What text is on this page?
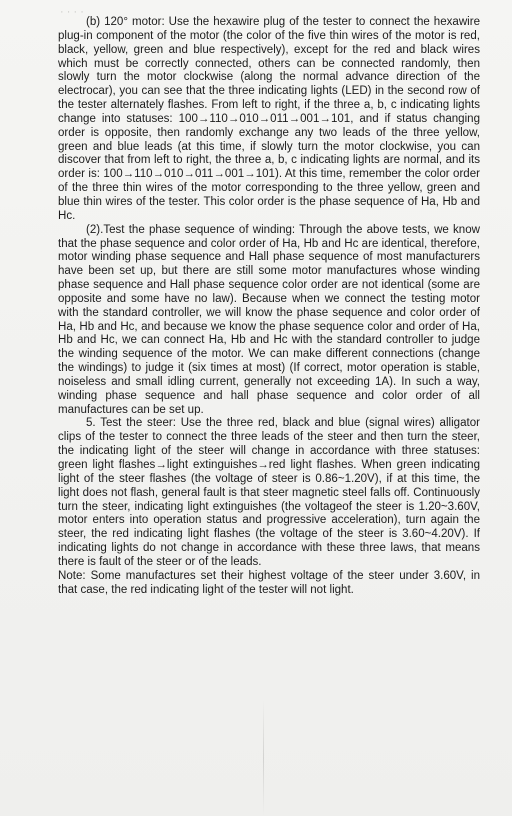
· · · ·

(b) 120° motor: Use the hexawire plug of the tester to connect the hexawire plug-in component of the motor (the color of the five thin wires of the motor is red, black, yellow, green and blue respectively), except for the red and black wires which must be correctly connected, others can be connected randomly, then slowly turn the motor clockwise (along the normal advance direction of the electrocar), you can see that the three indicating lights (LED) in the second row of the tester alternately flashes. From left to right, if the three a, b, c indicating lights change into statuses: 100→110→010→011→001→101, and if status changing order is opposite, then randomly exchange any two leads of the three yellow, green and blue leads (at this time, if slowly turn the motor clockwise, you can discover that from left to right, the three a, b, c indicating lights are normal, and its order is: 100→110→010→011→001→101). At this time, remember the color order of the three thin wires of the motor corresponding to the three yellow, green and blue thin wires of the tester. This color order is the phase sequence of Ha, Hb and Hc.

(2).Test the phase sequence of winding: Through the above tests, we know that the phase sequence and color order of Ha, Hb and Hc are identical, therefore, motor winding phase sequence and Hall phase sequence of most manufacturers have been set up, but there are still some motor manufactures whose winding phase sequence and Hall phase sequence color order are not identical (some are opposite and some have no law). Because when we connect the testing motor with the standard controller, we will know the phase sequence and color order of Ha, Hb and Hc, and because we know the phase sequence color and order of Ha, Hb and Hc, we can connect Ha, Hb and Hc with the standard controller to judge the winding sequence of the motor. We can make different connections (change the windings) to judge it (six times at most) (If correct, motor operation is stable, noiseless and small idling current, generally not exceeding 1A). In such a way, winding phase sequence and hall phase sequence and color order of all manufactures can be set up.

5. Test the steer: Use the three red, black and blue (signal wires) alligator clips of the tester to connect the three leads of the steer and then turn the steer, the indicating light of the steer will change in accordance with three statuses: green light flashes→light extinguishes→red light flashes. When green indicating light of the steer flashes (the voltage of steer is 0.86~1.20V), if at this time, the light does not flash, general fault is that steer magnetic steel falls off. Continuously turn the steer, indicating light extinguishes (the voltageof the steer is 1.20~3.60V, motor enters into operation status and progressive acceleration), turn again the steer, the red indicating light flashes (the voltage of the steer is 3.60~4.20V). If indicating lights do not change in accordance with these three laws, that means there is fault of the steer or of the leads.

Note: Some manufactures set their highest voltage of the steer under 3.60V, in that case, the red indicating light of the tester will not light.
